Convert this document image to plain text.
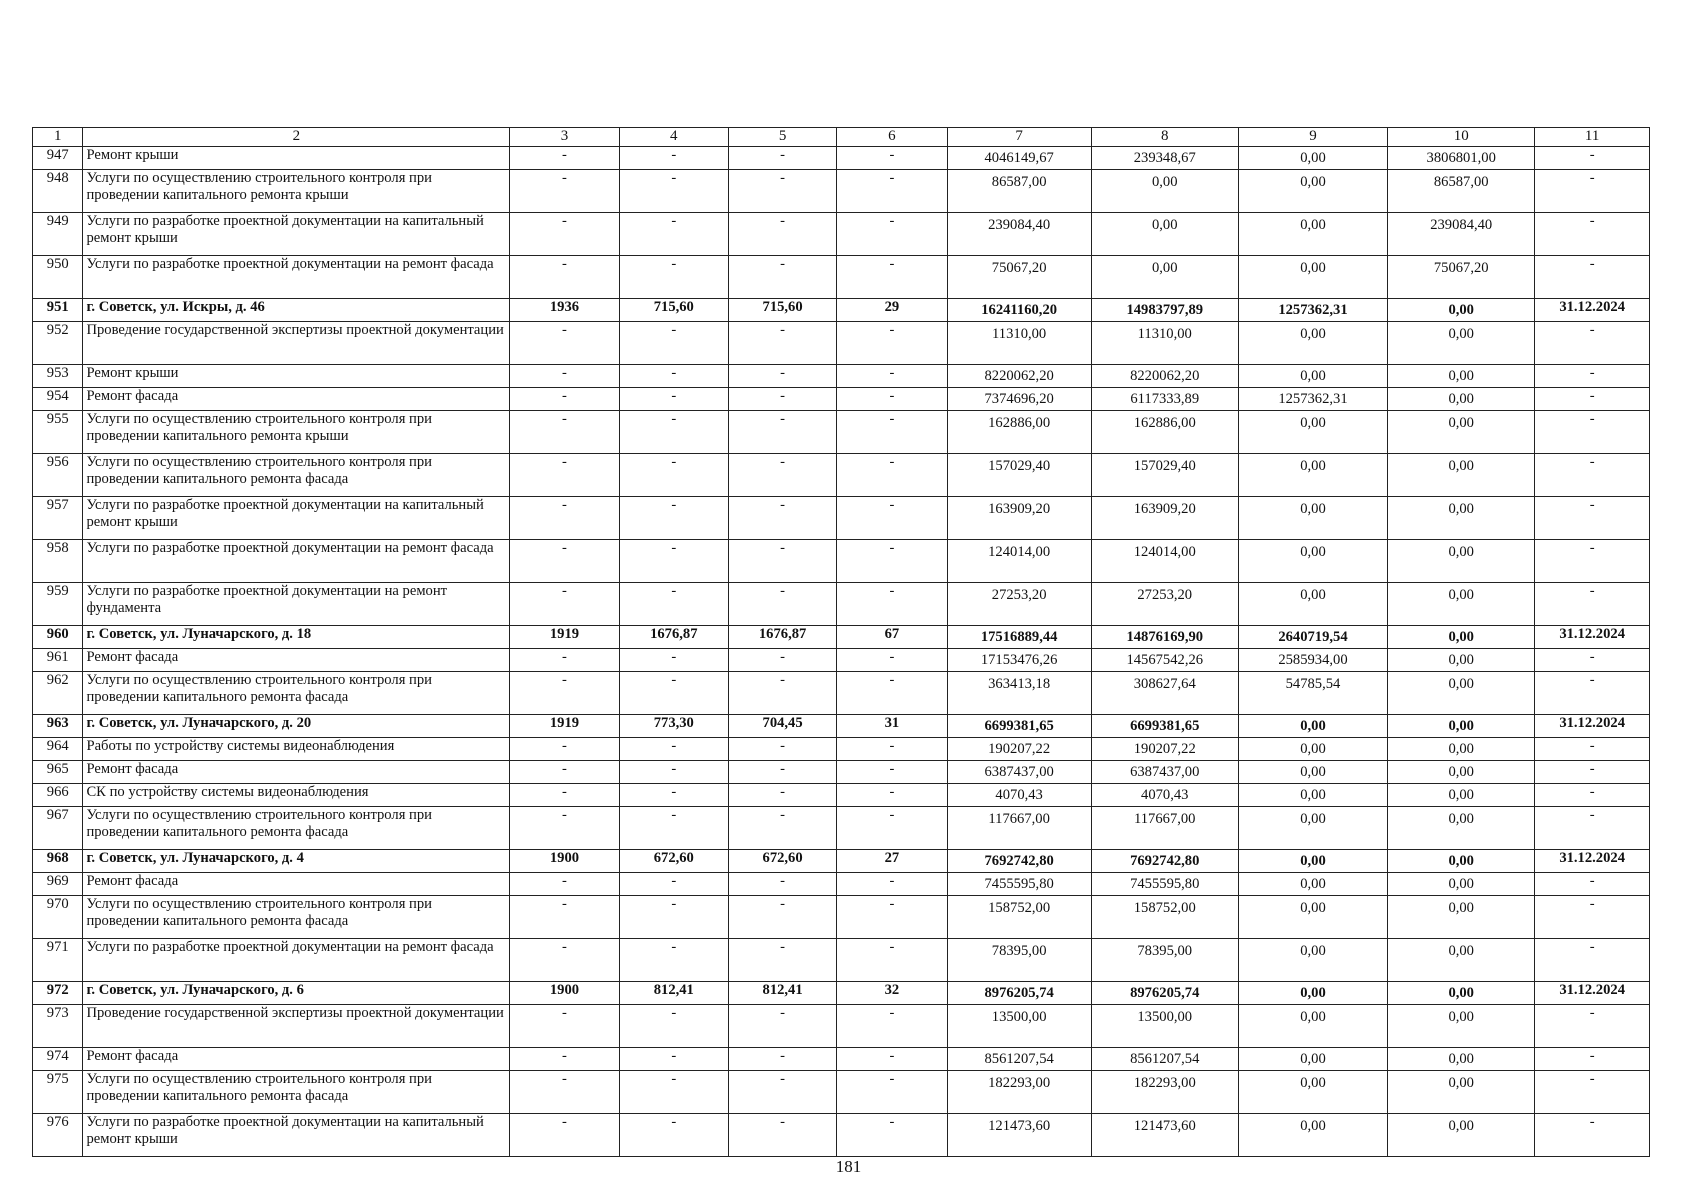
1	2	3	4	5	6	7	8	9	10	11
947	Ремонт крыши	-	-	-	-	4046149,67	239348,67	0,00	3806801,00	-
948	Услуги по осуществлению строительного контроля при проведении капитального ремонта крыши	-	-	-	-	86587,00	0,00	0,00	86587,00	-
949	Услуги по разработке проектной документации на капитальный ремонт крыши	-	-	-	-	239084,40	0,00	0,00	239084,40	-
950	Услуги по разработке проектной документации на ремонт фасада	-	-	-	-	75067,20	0,00	0,00	75067,20	-
951	г. Советск, ул. Искры, д. 46	1936	715,60	715,60	29	16241160,20	14983797,89	1257362,31	0,00	31.12.2024
952	Проведение государственной экспертизы проектной документации	-	-	-	-	11310,00	11310,00	0,00	0,00	-
953	Ремонт крыши	-	-	-	-	8220062,20	8220062,20	0,00	0,00	-
954	Ремонт фасада	-	-	-	-	7374696,20	6117333,89	1257362,31	0,00	-
955	Услуги по осуществлению строительного контроля при проведении капитального ремонта крыши	-	-	-	-	162886,00	162886,00	0,00	0,00	-
956	Услуги по осуществлению строительного контроля при проведении капитального ремонта фасада	-	-	-	-	157029,40	157029,40	0,00	0,00	-
957	Услуги по разработке проектной документации на капитальный ремонт крыши	-	-	-	-	163909,20	163909,20	0,00	0,00	-
958	Услуги по разработке проектной документации на ремонт фасада	-	-	-	-	124014,00	124014,00	0,00	0,00	-
959	Услуги по разработке проектной документации на ремонт фундамента	-	-	-	-	27253,20	27253,20	0,00	0,00	-
960	г. Советск, ул. Луначарского, д. 18	1919	1676,87	1676,87	67	17516889,44	14876169,90	2640719,54	0,00	31.12.2024
961	Ремонт фасада	-	-	-	-	17153476,26	14567542,26	2585934,00	0,00	-
962	Услуги по осуществлению строительного контроля при проведении капитального ремонта фасада	-	-	-	-	363413,18	308627,64	54785,54	0,00	-
963	г. Советск, ул. Луначарского, д. 20	1919	773,30	704,45	31	6699381,65	6699381,65	0,00	0,00	31.12.2024
964	Работы по устройству системы видеонаблюдения	-	-	-	-	190207,22	190207,22	0,00	0,00	-
965	Ремонт фасада	-	-	-	-	6387437,00	6387437,00	0,00	0,00	-
966	СК по устройству системы видеонаблюдения	-	-	-	-	4070,43	4070,43	0,00	0,00	-
967	Услуги по осуществлению строительного контроля при проведении капитального ремонта фасада	-	-	-	-	117667,00	117667,00	0,00	0,00	-
968	г. Советск, ул. Луначарского, д. 4	1900	672,60	672,60	27	7692742,80	7692742,80	0,00	0,00	31.12.2024
969	Ремонт фасада	-	-	-	-	7455595,80	7455595,80	0,00	0,00	-
970	Услуги по осуществлению строительного контроля при проведении капитального ремонта фасада	-	-	-	-	158752,00	158752,00	0,00	0,00	-
971	Услуги по разработке проектной документации на ремонт фасада	-	-	-	-	78395,00	78395,00	0,00	0,00	-
972	г. Советск, ул. Луначарского, д. 6	1900	812,41	812,41	32	8976205,74	8976205,74	0,00	0,00	31.12.2024
973	Проведение государственной экспертизы проектной документации	-	-	-	-	13500,00	13500,00	0,00	0,00	-
974	Ремонт фасада	-	-	-	-	8561207,54	8561207,54	0,00	0,00	-
975	Услуги по осуществлению строительного контроля при проведении капитального ремонта фасада	-	-	-	-	182293,00	182293,00	0,00	0,00	-
976	Услуги по разработке проектной документации на капитальный ремонт крыши	-	-	-	-	121473,60	121473,60	0,00	0,00	-
181
